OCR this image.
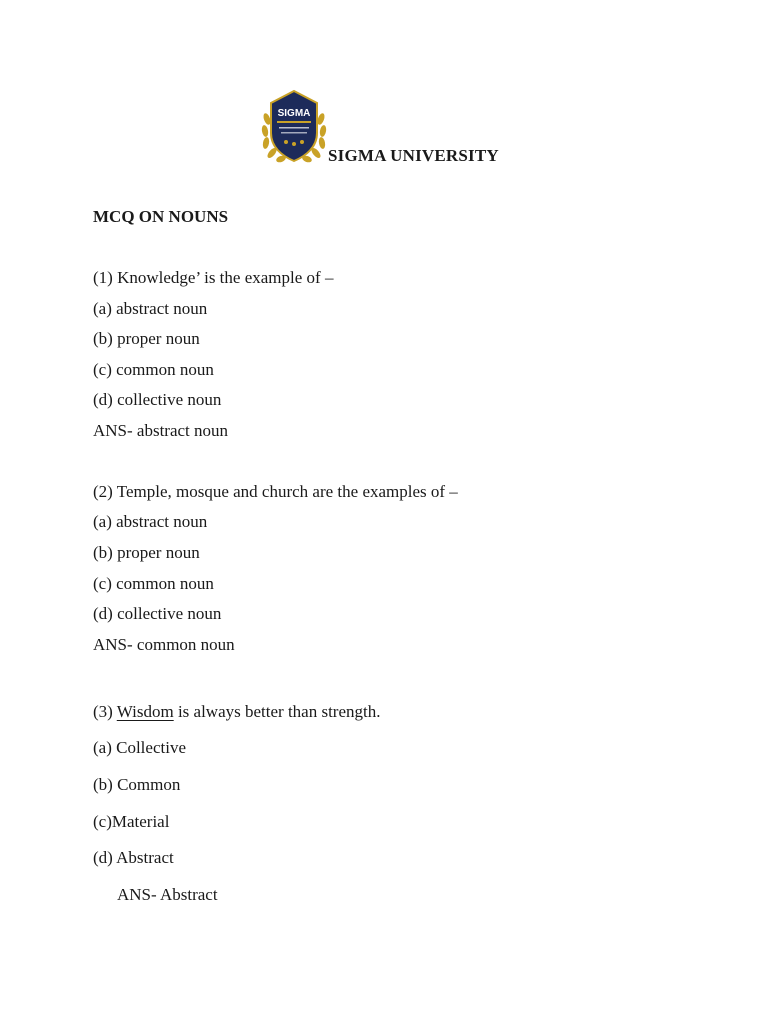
SIGMA
SIGMA UNIVERSITY
MCQ ON NOUNS
(1) Knowledge’ is the example of –
(a) abstract noun
(b) proper noun
(c) common noun
(d) collective noun
ANS- abstract noun
(2) Temple, mosque and church are the examples of –
(a) abstract noun
(b) proper noun
(c) common noun
(d) collective noun
ANS- common noun
(3) Wisdom is always better than strength.
(a) Collective
(b) Common
(c)Material
(d) Abstract
ANS- Abstract
